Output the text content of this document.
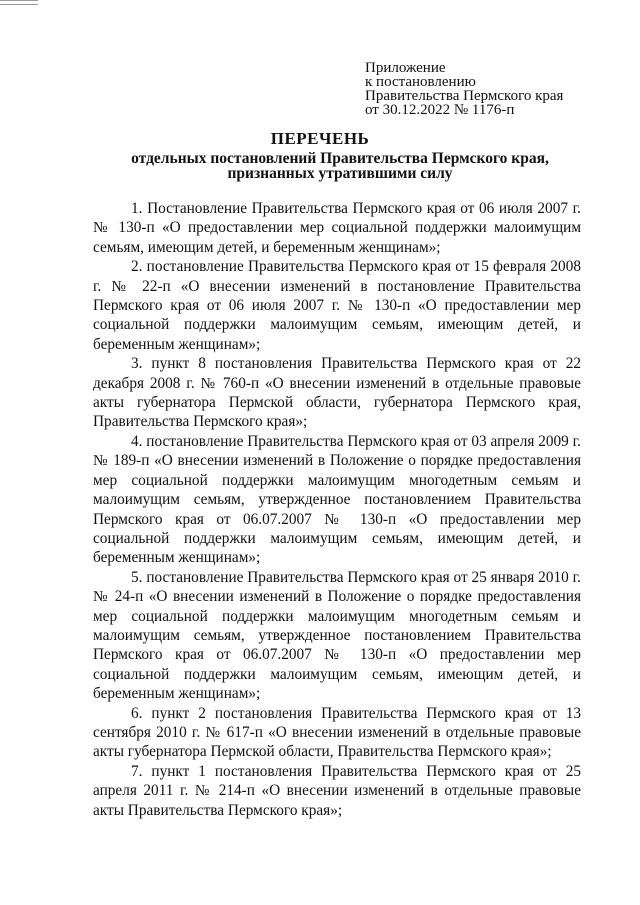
Приложение
к постановлению
Правительства Пермского края
от 30.12.2022 № 1176-п
ПЕРЕЧЕНЬ
отдельных постановлений Правительства Пермского края,
признанных утратившими силу

1. Постановление Правительства Пермского края от 06 июля 2007 г. № 130-п «О предоставлении мер социальной поддержки малоимущим семьям, имеющим детей, и беременным женщинам»;

2. постановление Правительства Пермского края от 15 февраля 2008 г. № 22-п «О внесении изменений в постановление Правительства Пермского края от 06 июля 2007 г. № 130-п «О предоставлении мер социальной поддержки малоимущим семьям, имеющим детей, и беременным женщинам»;

3. пункт 8 постановления Правительства Пермского края от 22 декабря 2008 г. № 760-п «О внесении изменений в отдельные правовые акты губернатора Пермской области, губернатора Пермского края, Правительства Пермского края»;

4. постановление Правительства Пермского края от 03 апреля 2009 г. № 189-п «О внесении изменений в Положение о порядке предоставления мер социальной поддержки малоимущим многодетным семьям и малоимущим семьям, утвержденное постановлением Правительства Пермского края от 06.07.2007 № 130-п «О предоставлении мер социальной поддержки малоимущим семьям, имеющим детей, и беременным женщинам»;

5. постановление Правительства Пермского края от 25 января 2010 г. № 24-п «О внесении изменений в Положение о порядке предоставления мер социальной поддержки малоимущим многодетным семьям и малоимущим семьям, утвержденное постановлением Правительства Пермского края от 06.07.2007 № 130-п «О предоставлении мер социальной поддержки малоимущим семьям, имеющим детей, и беременным женщинам»;

6. пункт 2 постановления Правительства Пермского края от 13 сентября 2010 г. № 617-п «О внесении изменений в отдельные правовые акты губернатора Пермской области, Правительства Пермского края»;

7. пункт 1 постановления Правительства Пермского края от 25 апреля 2011 г. № 214-п «О внесении изменений в отдельные правовые акты Правительства Пермского края»;
